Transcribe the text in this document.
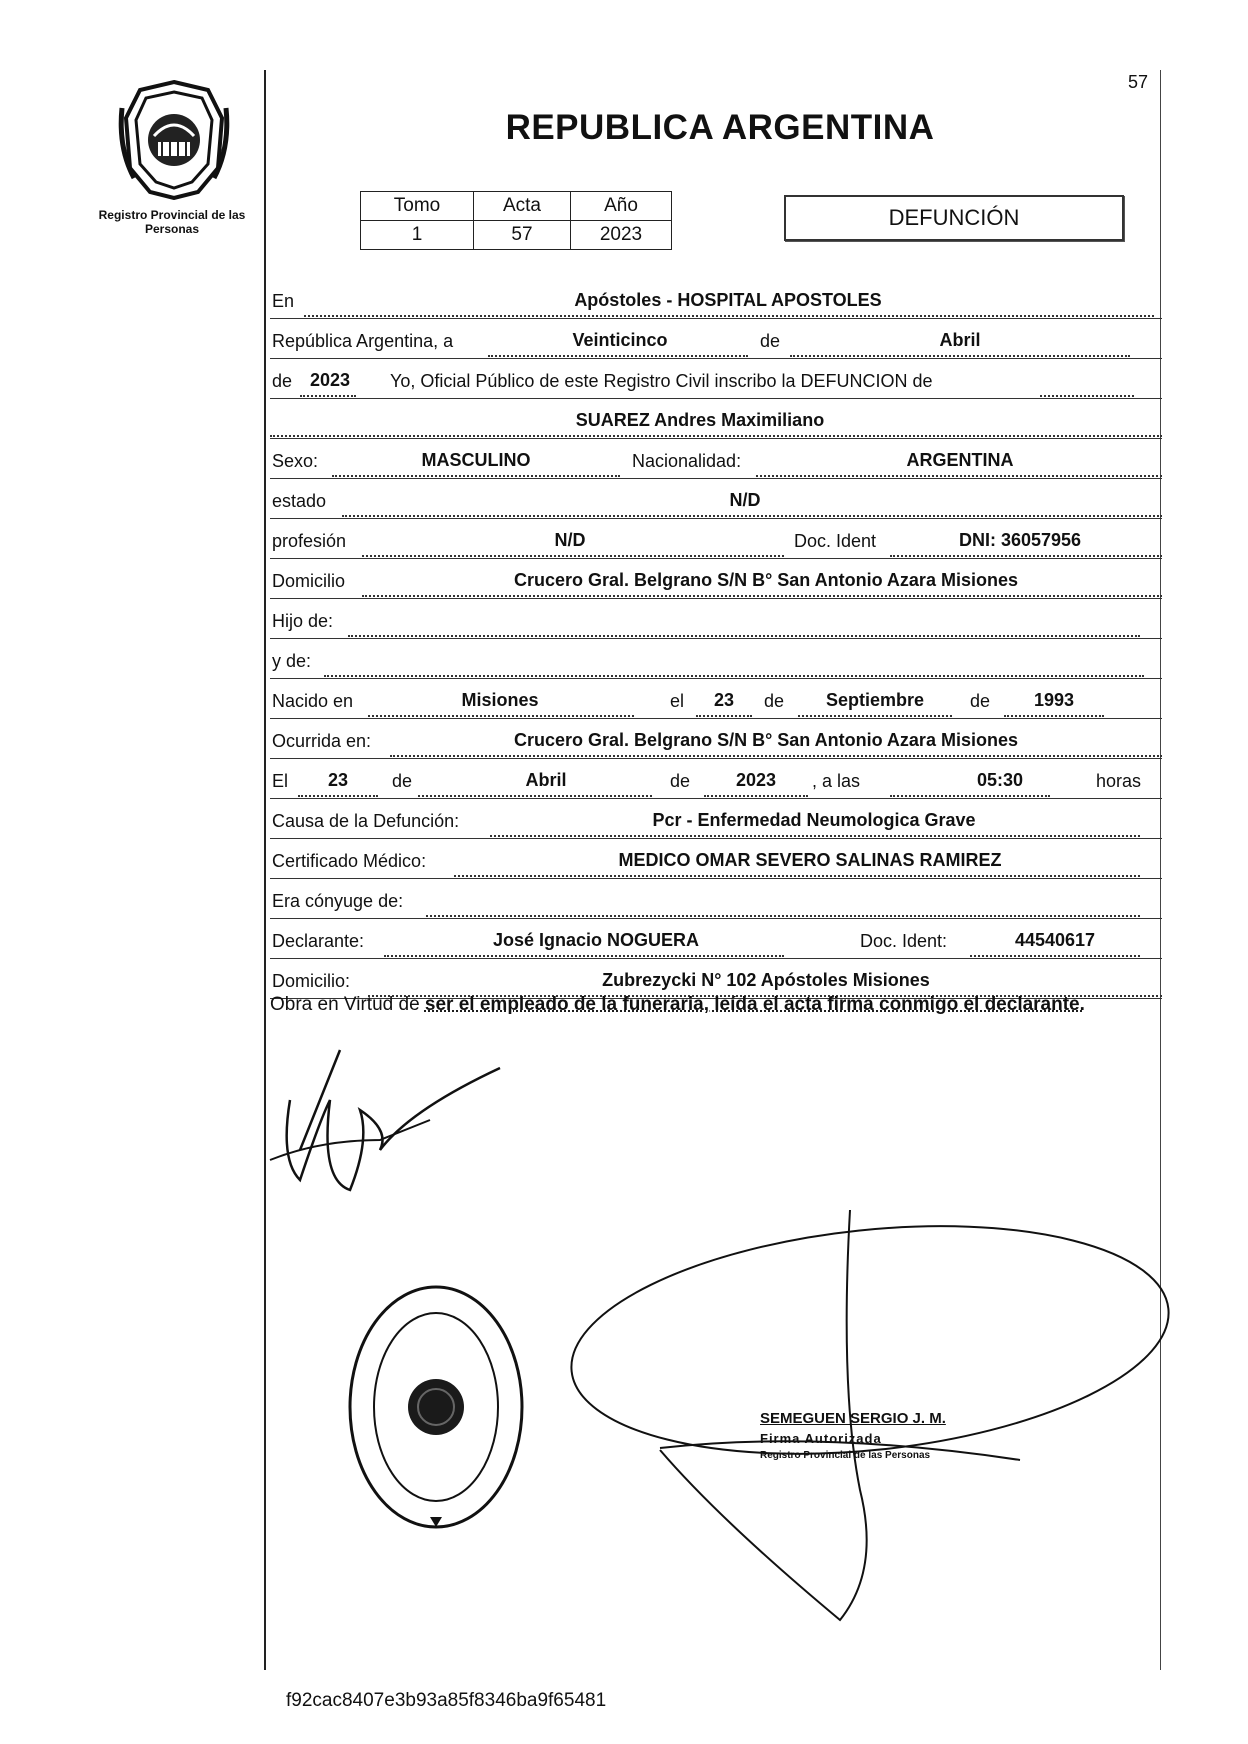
Registro Provincial de las Personas
57
REPUBLICA ARGENTINA
Tomo	Acta	Año
1	57	2023
DEFUNCIÓN
En	Apóstoles - HOSPITAL APOSTOLES
República Argentina, a	Veinticinco	de	Abril
de 2023 Yo, Oficial Público de este Registro Civil inscribo la DEFUNCION de
SUAREZ Andres Maximiliano
Sexo:	MASCULINO	Nacionalidad:	ARGENTINA
estado	N/D
profesión	N/D	Doc. Ident	DNI: 36057956
Domicilio	Crucero Gral. Belgrano S/N B° San Antonio Azara Misiones
Hijo de:
y de:
Nacido en	Misiones	el 23 de Septiembre	de 1993
Ocurrida en:	Crucero Gral. Belgrano S/N B° San Antonio Azara Misiones
El 23 de	Abril	de	2023 , a las	05:30	horas
Causa de la Defunción:	Pcr - Enfermedad Neumologica Grave
Certificado Médico:	MEDICO OMAR SEVERO SALINAS RAMIREZ
Era cónyuge de:
Declarante:	José Ignacio NOGUERA	Doc. Ident:	44540617
Domicilio:	Zubrezycki N° 102 Apóstoles Misiones
Obra en Virtud de ser el empleado de la funeraria, leída el acta firma conmigo el declarante.
SEMEGUEN SERGIO J. M.
Firma Autorizada
Registro Provincial de las Personas
f92cac8407e3b93a85f8346ba9f65481
